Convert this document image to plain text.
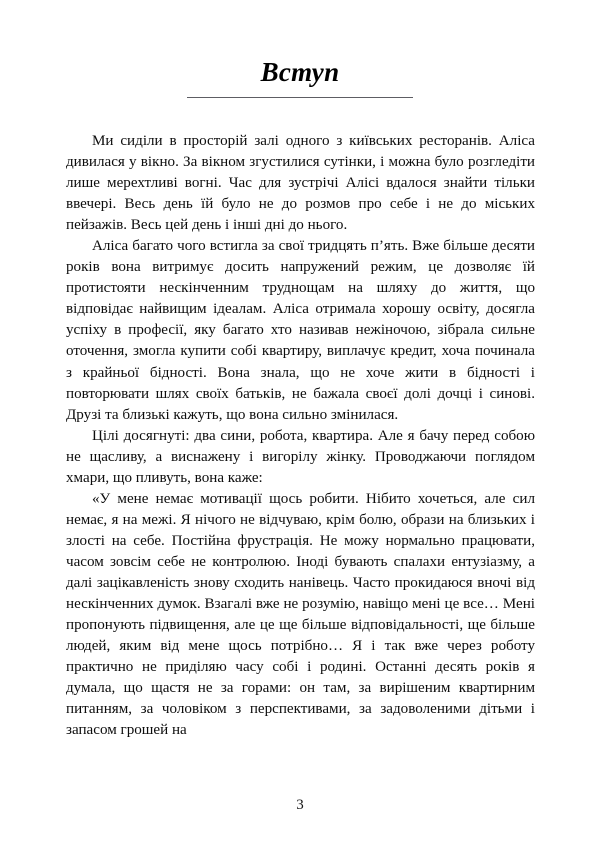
Вступ

Ми сиділи в просторій залі одного з київських ресторанів. Аліса дивилася у вікно. За вікном згустилися сутінки, і можна було розгледіти лише мерехтливі вогні. Час для зустрічі Алісі вдалося знайти тільки ввечері. Весь день їй було не до розмов про себе і не до міських пейзажів. Весь цей день і інші дні до нього.

Аліса багато чого встигла за свої тридцять п’ять. Вже більше десяти років вона витримує досить напружений режим, це дозволяє їй протистояти нескінченним труднощам на шляху до життя, що відповідає найвищим ідеалам. Аліса отримала хорошу освіту, досягла успіху в професії, яку багато хто називав нежіночою, зібрала сильне оточення, змогла купити собі квартиру, виплачує кредит, хоча починала з крайньої бідності. Вона знала, що не хоче жити в бідності і повторювати шлях своїх батьків, не бажала своєї долі дочці і синові. Друзі та близькі кажуть, що вона сильно змінилася.

Цілі досягнуті: два сини, робота, квартира. Але я бачу перед собою не щасливу, а виснажену і вигорілу жінку. Проводжаючи поглядом хмари, що пливуть, вона каже:

«У мене немає мотивації щось робити. Нібито хочеться, але сил немає, я на межі. Я нічого не відчуваю, крім болю, образи на близьких і злості на себе. Постійна фрустрація. Не можу нормально працювати, часом зовсім себе не контролюю. Іноді бувають спалахи ентузіазму, а далі зацікавленість знову сходить нанівець. Часто прокидаюся вночі від нескінченних думок. Взагалі вже не розумію, навіщо мені це все… Мені пропонують підвищення, але це ще більше відповідальності, ще більше людей, яким від мене щось потрібно… Я і так вже через роботу практично не приділяю часу собі і родині. Останні десять років я думала, що щастя не за горами: он там, за вирішеним квартирним питанням, за чоловіком з перспективами, за задоволеними дітьми і запасом грошей на

3
